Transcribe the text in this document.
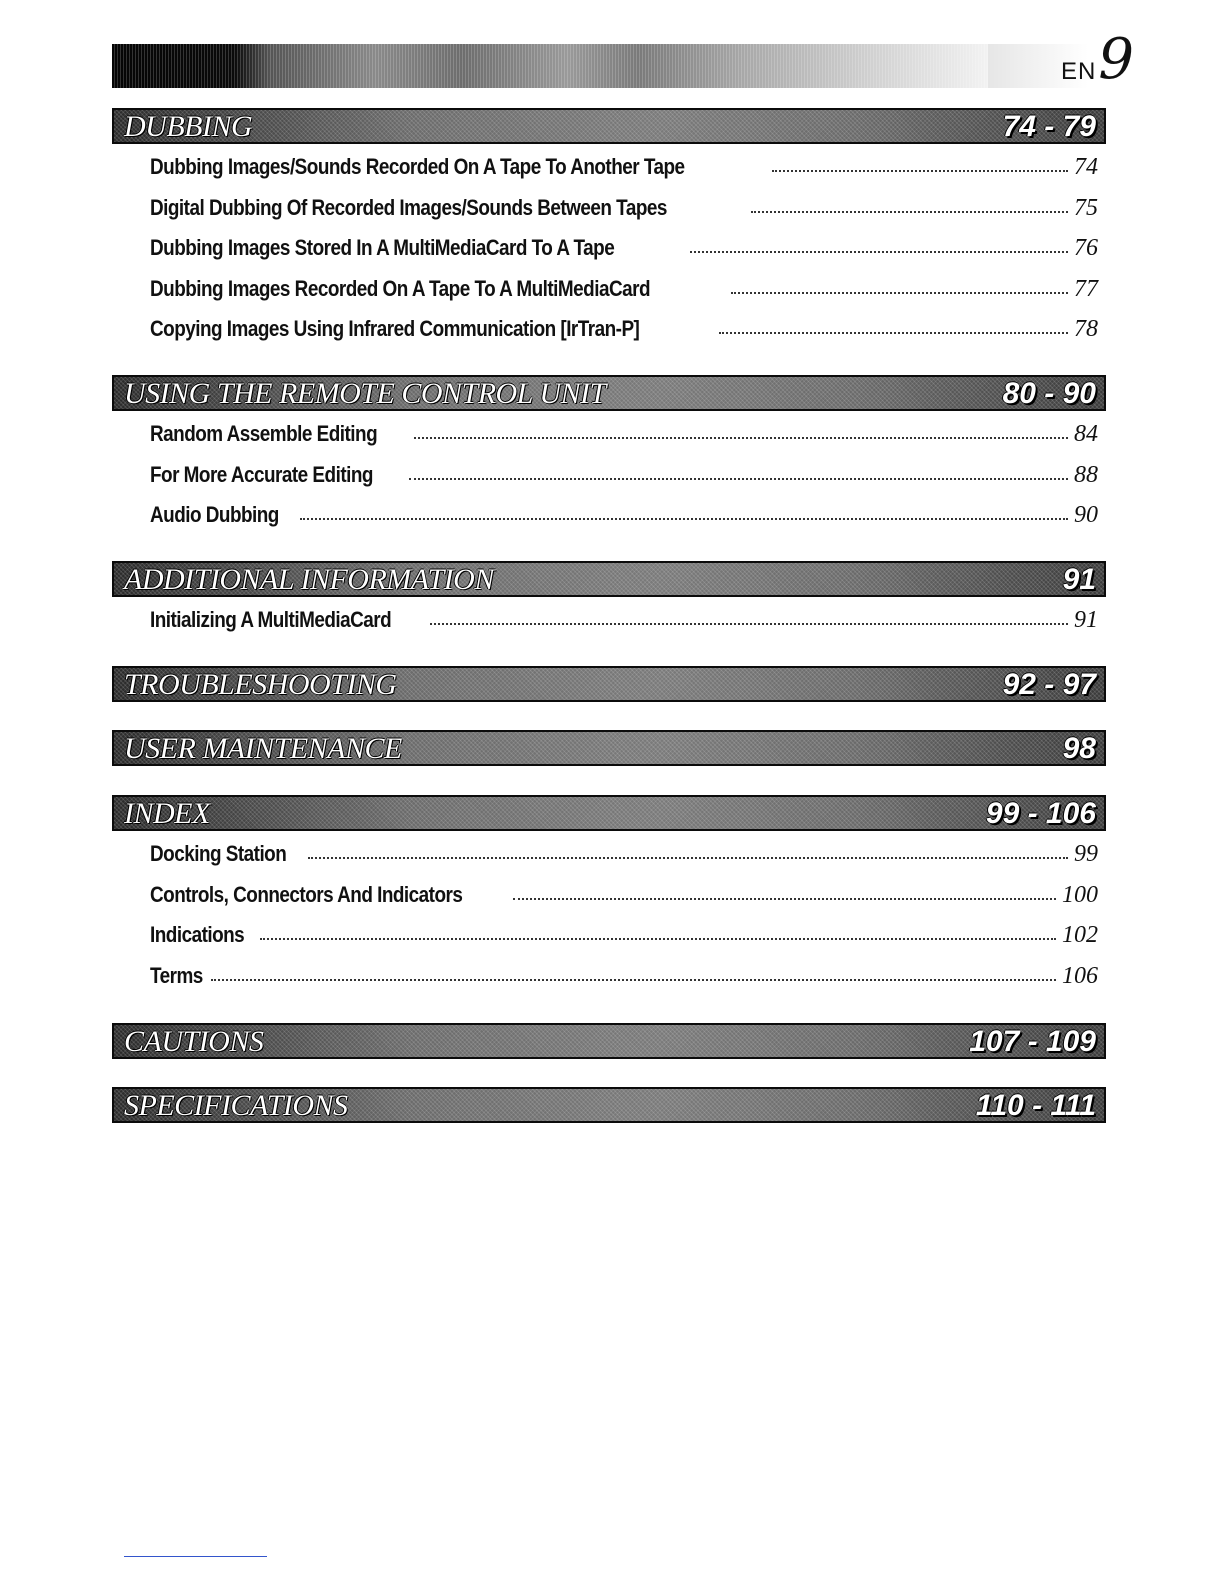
EN 9
DUBBING	74 - 79
Dubbing Images/Sounds Recorded On A Tape To Another Tape	74
Digital Dubbing Of Recorded Images/Sounds Between Tapes	75
Dubbing Images Stored In A MultiMediaCard To A Tape	76
Dubbing Images Recorded On A Tape To A MultiMediaCard	77
Copying Images Using Infrared Communication [IrTran-P]	78
USING THE REMOTE CONTROL UNIT	80 - 90
Random Assemble Editing	84
For More Accurate Editing	88
Audio Dubbing	90
ADDITIONAL INFORMATION	91
Initializing A MultiMediaCard	91
TROUBLESHOOTING	92 - 97
USER MAINTENANCE	98
INDEX	99 - 106
Docking Station	99
Controls, Connectors And Indicators	100
Indications	102
Terms	106
CAUTIONS	107 - 109
SPECIFICATIONS	110 - 111
